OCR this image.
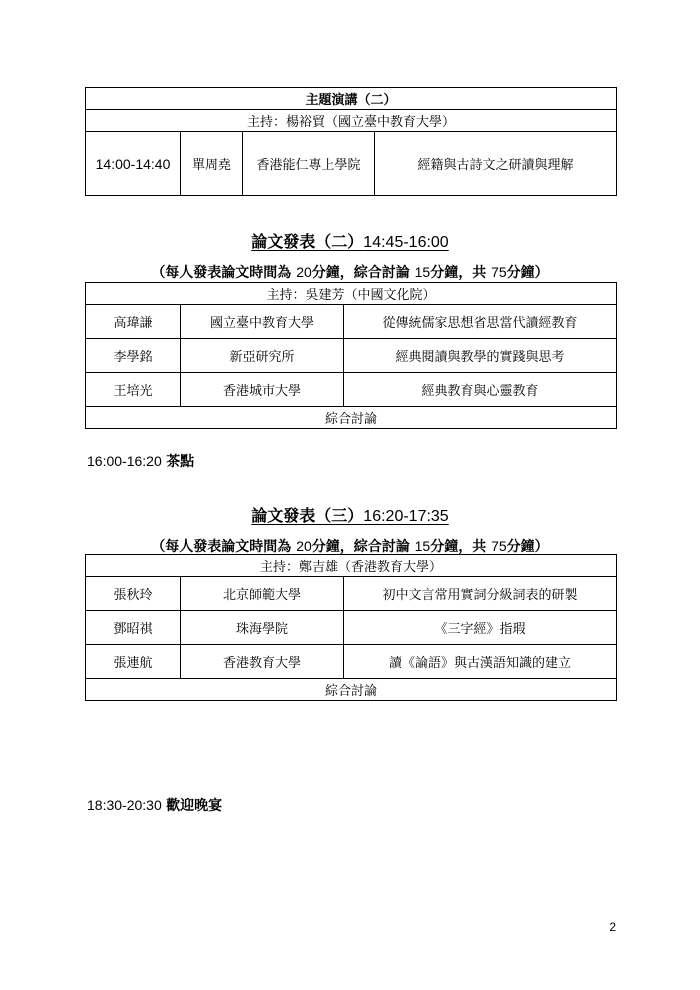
主題演講（二）
主持：楊裕貿（國立臺中教育大學）
14:00-14:40	單周堯	香港能仁專上學院	經籍與古詩文之研讀與理解
論文發表（二）14:45-16:00
（每人發表論文時間為 20分鐘，綜合討論 15分鐘，共 75分鐘）
主持：吳建芳（中國文化院）		
高瑋謙	國立臺中教育大學	從傳統儒家思想省思當代讀經教育
李學銘	新亞研究所	經典閱讀與教學的實踐與思考
王培光	香港城市大學	經典教育與心靈教育
綜合討論		
16:00-16:20 茶點
論文發表（三）16:20-17:35
（每人發表論文時間為 20分鐘，綜合討論 15分鐘，共 75分鐘）
主持：鄭吉雄（香港教育大學）		
張秋玲	北京師範大學	初中文言常用實詞分級詞表的研製
鄧昭祺	珠海學院	《三字經》指瑕
張連航	香港教育大學	讀《論語》與古漢語知識的建立
綜合討論		
18:30-20:30 歡迎晚宴
2
